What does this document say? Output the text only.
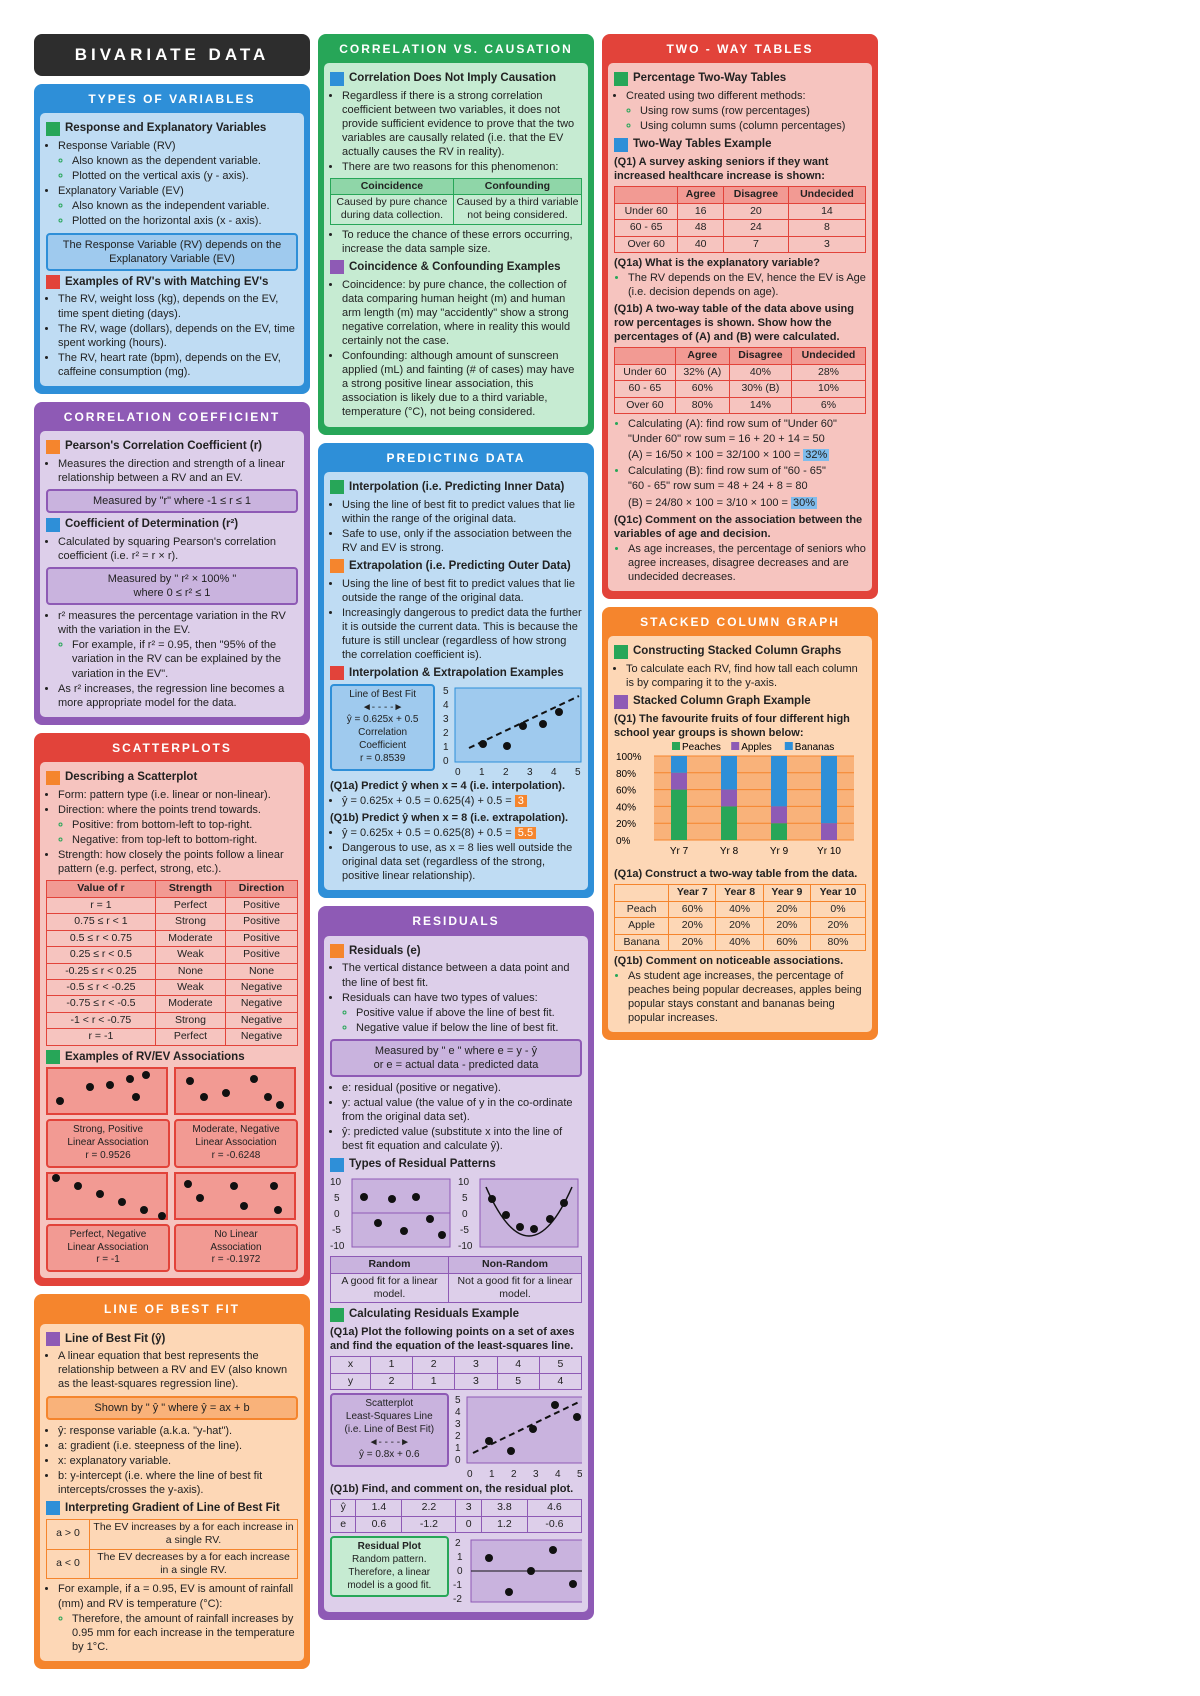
BIVARIATE DATA
TYPES OF VARIABLES
Response and Explanatory Variables
• Response Variable (RV)
◦ Also known as the dependent variable.
◦ Plotted on the vertical axis (y - axis).
• Explanatory Variable (EV)
◦ Also known as the independent variable.
◦ Plotted on the horizontal axis (x - axis).
The Response Variable (RV) depends on the Explanatory Variable (EV)
Examples of RV's with Matching EV's
• The RV, weight loss (kg), depends on the EV, time spent dieting (days).
• The RV, wage (dollars), depends on the EV, time spent working (hours).
• The RV, heart rate (bpm), depends on the EV, caffeine consumption (mg).
CORRELATION COEFFICIENT
Pearson's Correlation Coefficient (r)
• Measures the direction and strength of a linear relationship between a RV and an EV.
Measured by "r" where -1 ≤ r ≤ 1
Coefficient of Determination (r²)
• Calculated by squaring Pearson's correlation coefficient (i.e. r² = r × r).
Measured by " r² × 100% "
where 0 ≤ r² ≤ 1
• r² measures the percentage variation in the RV with the variation in the EV.
◦ For example, if r² = 0.95, then "95% of the variation in the RV can be explained by the variation in the EV".
• As r² increases, the regression line becomes a more appropriate model for the data.
SCATTERPLOTS
Describing a Scatterplot
• Form: pattern type (i.e. linear or non-linear).
• Direction: where the points trend towards.
◦ Positive: from bottom-left to top-right.
◦ Negative: from top-left to bottom-right.
• Strength: how closely the points follow a linear pattern (e.g. perfect, strong, etc.).
Value of r	Strength	Direction
r = 1	Perfect	Positive
0.75 ≤ r < 1	Strong	Positive
0.5 ≤ r < 0.75	Moderate	Positive
0.25 ≤ r < 0.5	Weak	Positive
-0.25 ≤ r < 0.25	None	None
-0.5 ≤ r < -0.25	Weak	Negative
-0.75 ≤ r < -0.5	Moderate	Negative
-1 < r < -0.75	Strong	Negative
r = -1	Perfect	Negative
Examples of RV/EV Associations
Strong, Positive
Linear Association
r = 0.9526
Moderate, Negative
Linear Association
r = -0.6248
Perfect, Negative
Linear Association
r = -1
No Linear
Association
r = -0.1972
LINE OF BEST FIT
Line of Best Fit (ŷ)
• A linear equation that best represents the relationship between a RV and EV (also known as the least-squares regression line).
Shown by " ŷ " where ŷ = ax + b
• ŷ: response variable (a.k.a. "y-hat").
• a: gradient (i.e. steepness of the line).
• x: explanatory variable.
• b: y-intercept (i.e. where the line of best fit intercepts/crosses the y-axis).
Interpreting Gradient of Line of Best Fit
a > 0	The EV increases by a for each increase in a single RV.
a < 0	The EV decreases by a for each increase in a single RV.
• For example, if a = 0.95, EV is amount of rainfall (mm) and RV is temperature (°C):
◦ Therefore, the amount of rainfall increases by 0.95 mm for each increase in the temperature by 1°C.
CORRELATION VS. CAUSATION
Correlation Does Not Imply Causation
• Regardless if there is a strong correlation coefficient between two variables, it does not provide sufficient evidence to prove that the two variables are causally related (i.e. that the EV actually causes the RV in reality).
• There are two reasons for this phenomenon:
Coincidence	Confounding
Caused by pure chance during data collection.	Caused by a third variable not being considered.
• To reduce the chance of these errors occurring, increase the data sample size.
Coincidence & Confounding Examples
• Coincidence: by pure chance, the collection of data comparing human height (m) and human arm length (m) may "accidently" show a strong negative correlation, where in reality this would certainly not the case.
• Confounding: although amount of sunscreen applied (mL) and fainting (# of cases) may have a strong positive linear association, this association is likely due to a third variable, temperature (°C), not being considered.
PREDICTING DATA
Interpolation (i.e. Predicting Inner Data)
• Using the line of best fit to predict values that lie within the range of the original data.
• Safe to use, only if the association between the RV and EV is strong.
Extrapolation (i.e. Predicting Outer Data)
• Using the line of best fit to predict values that lie outside the range of the original data.
• Increasingly dangerous to predict data the further it is outside the current data. This is because the future is still unclear (regardless of how strong the correlation coefficient is).
Interpolation & Extrapolation Examples
Line of Best Fit
◄- - - -►
ŷ = 0.625x + 0.5
Correlation
Coefficient
r = 0.8539
5
4
3
2
1
0
0 1 2 3 4 5
(Q1a) Predict ŷ when x = 4 (i.e. interpolation).
• ŷ = 0.625x + 0.5 = 0.625(4) + 0.5 = 3
(Q1b) Predict ŷ when x = 8 (i.e. extrapolation).
• ŷ = 0.625x + 0.5 = 0.625(8) + 0.5 = 5.5
• Dangerous to use, as x = 8 lies well outside the original data set (regardless of the strong, positive linear relationship).
RESIDUALS
Residuals (e)
• The vertical distance between a data point and the line of best fit.
• Residuals can have two types of values:
◦ Positive value if above the line of best fit.
◦ Negative value if below the line of best fit.
Measured by " e " where e = y - ŷ
or e = actual data - predicted data
• e: residual (positive or negative).
• y: actual value (the value of y in the co-ordinate from the original data set).
• ŷ: predicted value (substitute x into the line of best fit equation and calculate ŷ).
Types of Residual Patterns
10
5
0
-5
-10
10
5
0
-5
-10
Random	Non-Random
A good fit for a linear model.	Not a good fit for a linear model.
Calculating Residuals Example
(Q1a) Plot the following points on a set of axes and find the equation of the least-squares line.
x	1	2	3	4	5
y	2	1	3	5	4
Scatterplot
Least-Squares Line
(i.e. Line of Best Fit)
◄- - - -►
ŷ = 0.8x + 0.6
5
4
3
2
1
0
0 1 2 3 4 5
(Q1b) Find, and comment on, the residual plot.
ŷ	1.4	2.2	3	3.8	4.6
e	0.6	-1.2	0	1.2	-0.6
Residual Plot
Random pattern.
Therefore, a linear model is a good fit.
2
1
0
-1
-2
TWO - WAY TABLES
Percentage Two-Way Tables
• Created using two different methods:
◦ Using row sums (row percentages)
◦ Using column sums (column percentages)
Two-Way Tables Example
(Q1) A survey asking seniors if they want increased healthcare increase is shown:
	Agree	Disagree	Undecided
Under 60	16	20	14
60 - 65	48	24	8
Over 60	40	7	3
(Q1a) What is the explanatory variable?
• The RV depends on the EV, hence the EV is Age (i.e. decision depends on age).
(Q1b) A two-way table of the data above using row percentages is shown. Show how the percentages of (A) and (B) were calculated.
	Agree	Disagree	Undecided
Under 60	32% (A)	40%	28%
60 - 65	60%	30% (B)	10%
Over 60	80%	14%	6%
• Calculating (A): find row sum of "Under 60"
"Under 60" row sum = 16 + 20 + 14 = 50
(A) = 16/50 × 100 = 32/100 × 100 = 32%
• Calculating (B): find row sum of "60 - 65"
"60 - 65" row sum = 48 + 24 + 8 = 80
(B) = 24/80 × 100 = 3/10 × 100 = 30%
(Q1c) Comment on the association between the variables of age and decision.
• As age increases, the percentage of seniors who agree increases, disagree decreases and are undecided decreases.
STACKED COLUMN GRAPH
Constructing Stacked Column Graphs
• To calculate each RV, find how tall each column is by comparing it to the y-axis.
Stacked Column Graph Example
(Q1) The favourite fruits of four different high school year groups is shown below:
100%
80%
60%
40%
20%
0%
Peaches Apples Bananas
Yr 7	Yr 8	Yr 9	Yr 10
(Q1a) Construct a two-way table from the data.
	Year 7	Year 8	Year 9	Year 10
Peach	60%	40%	20%	0%
Apple	20%	20%	20%	20%
Banana	20%	40%	60%	80%
(Q1b) Comment on noticeable associations.
• As student age increases, the percentage of peaches being popular decreases, apples being popular stays constant and bananas being popular increases.
